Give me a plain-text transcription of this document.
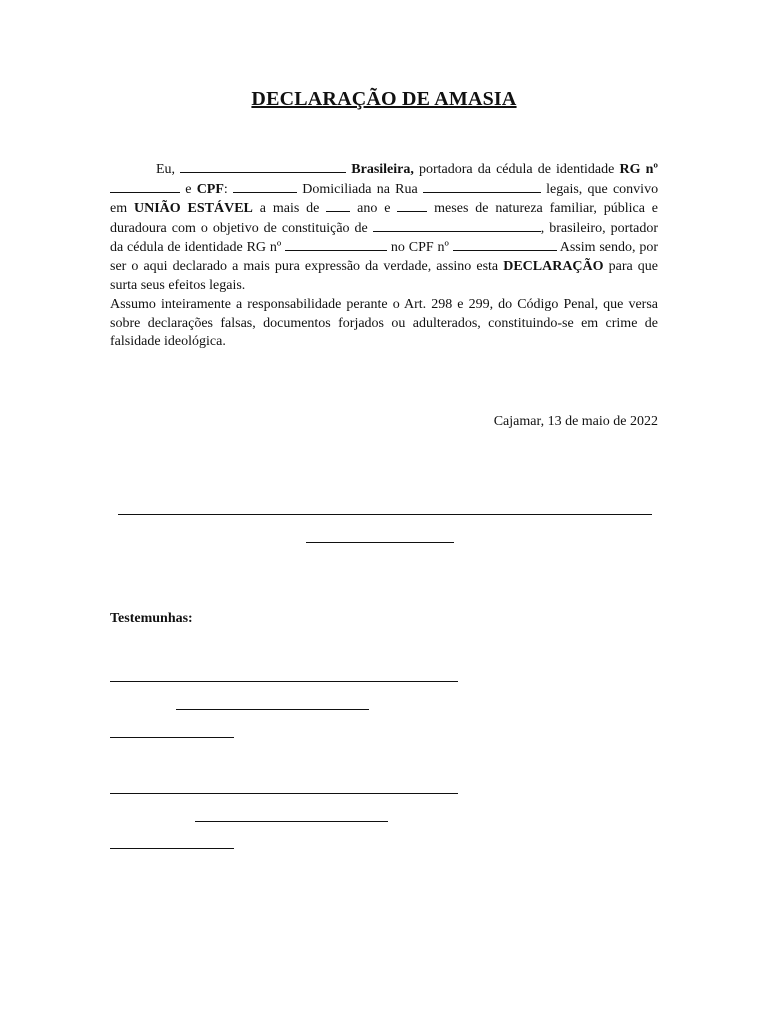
DECLARAÇÃO DE AMASIA
Eu,	Brasileira, portadora da cédula de identidade RG nº  e CPF:	Domiciliada na Rua	legais, que convivo em UNIÃO ESTÁVEL a mais de	ano e	meses de natureza familiar, pública e duradoura com o objetivo de constituição de	, brasileiro, portador da cédula de identidade RG nº	no CPF nº	Assim sendo, por ser o aqui declarado a mais pura expressão da verdade, assino esta DECLARAÇÃO para que surta seus efeitos legais.
Assumo inteiramente a responsabilidade perante o Art. 298 e 299, do Código Penal, que versa sobre declarações falsas, documentos forjados ou adulterados, constituindo-se em crime de falsidade ideológica.
Cajamar, 13 de maio de 2022
Testemunhas:
